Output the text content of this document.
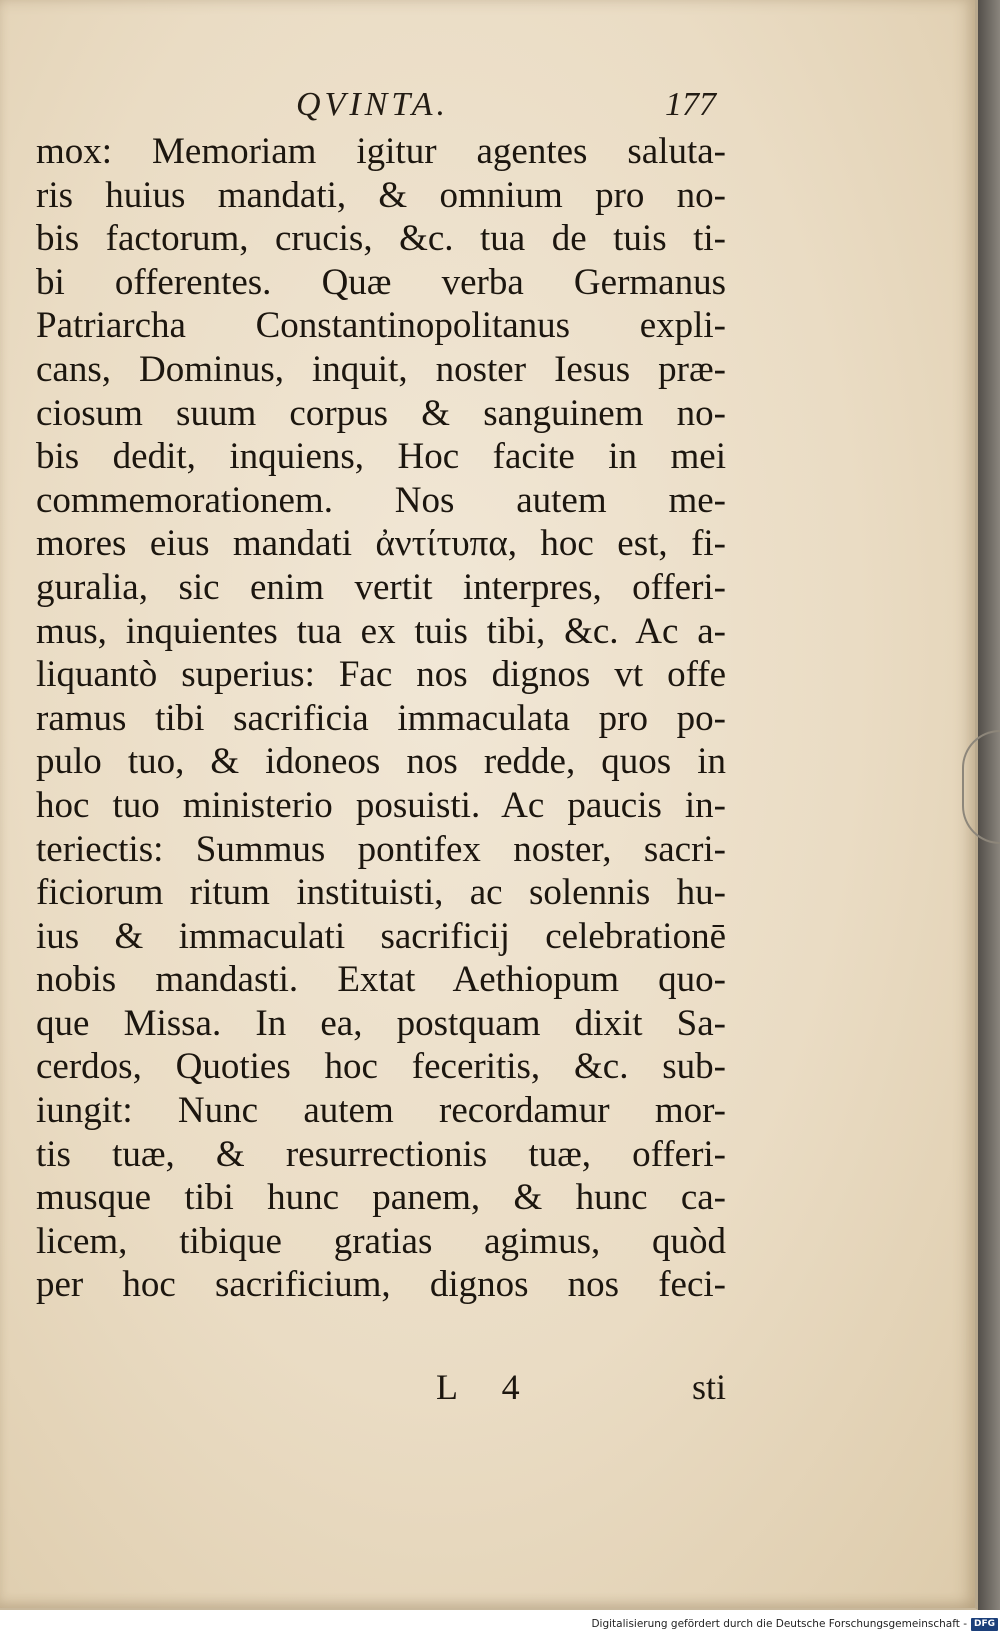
QVINTA.	177
mox: Memoriam igitur agentes saluta-
ris huius mandati, & omnium pro no-
bis factorum, crucis, &c. tua de tuis ti-
bi offerentes. Quæ verba Germanus
Patriarcha Constantinopolitanus expli-
cans, Dominus, inquit, noster Iesus præ-
ciosum suum corpus & sanguinem no-
bis dedit, inquiens, Hoc facite in mei
commemorationem. Nos autem me-
mores eius mandati ἀντίτυπα, hoc est, fi-
guralia, sic enim vertit interpres, offeri-
mus, inquientes tua ex tuis tibi, &c. Ac a-
liquantò superius: Fac nos dignos vt offe
ramus tibi sacrificia immaculata pro po-
pulo tuo, & idoneos nos redde, quos in
hoc tuo ministerio posuisti. Ac paucis in-
teriectis: Summus pontifex noster, sacri-
ficiorum ritum instituisti, ac solennis hu-
ius & immaculati sacrificij celebrationē
nobis mandasti. Extat Aethiopum quo-
que Missa. In ea, postquam dixit Sa-
cerdos, Quoties hoc feceritis, &c. sub-
iungit: Nunc autem recordamur mor-
tis tuæ, & resurrectionis tuæ, offeri-
musque tibi hunc panem, & hunc ca-
licem, tibique gratias agimus, quòd
per hoc sacrificium, dignos nos feci-
L 4	sti
Digitalisierung gefördert durch die Deutsche Forschungsgemeinschaft - DFG
